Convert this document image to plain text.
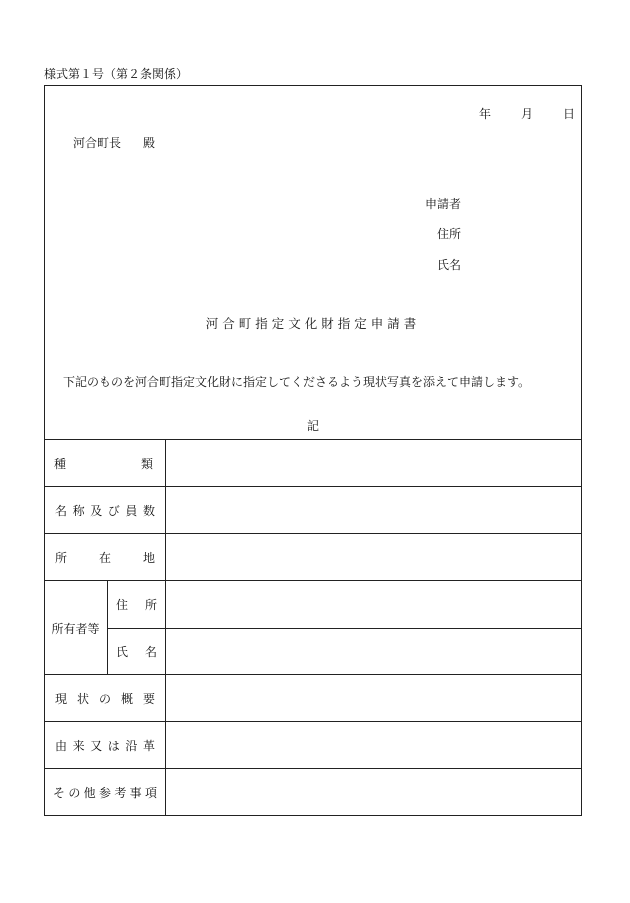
様式第１号（第２条関係）
年	月	日
河合町長 殿
申請者
住所
氏名
河合町指定文化財指定申請書
下記のものを河合町指定文化財に指定してくださるよう現状写真を添えて申請します。
記
種	類
名 称 及 び 員 数
所	在	地
所有者等
住 所
氏 名
現 状 の 概 要
由 来 又 は 沿 革
そ の 他 参 考 事 項
